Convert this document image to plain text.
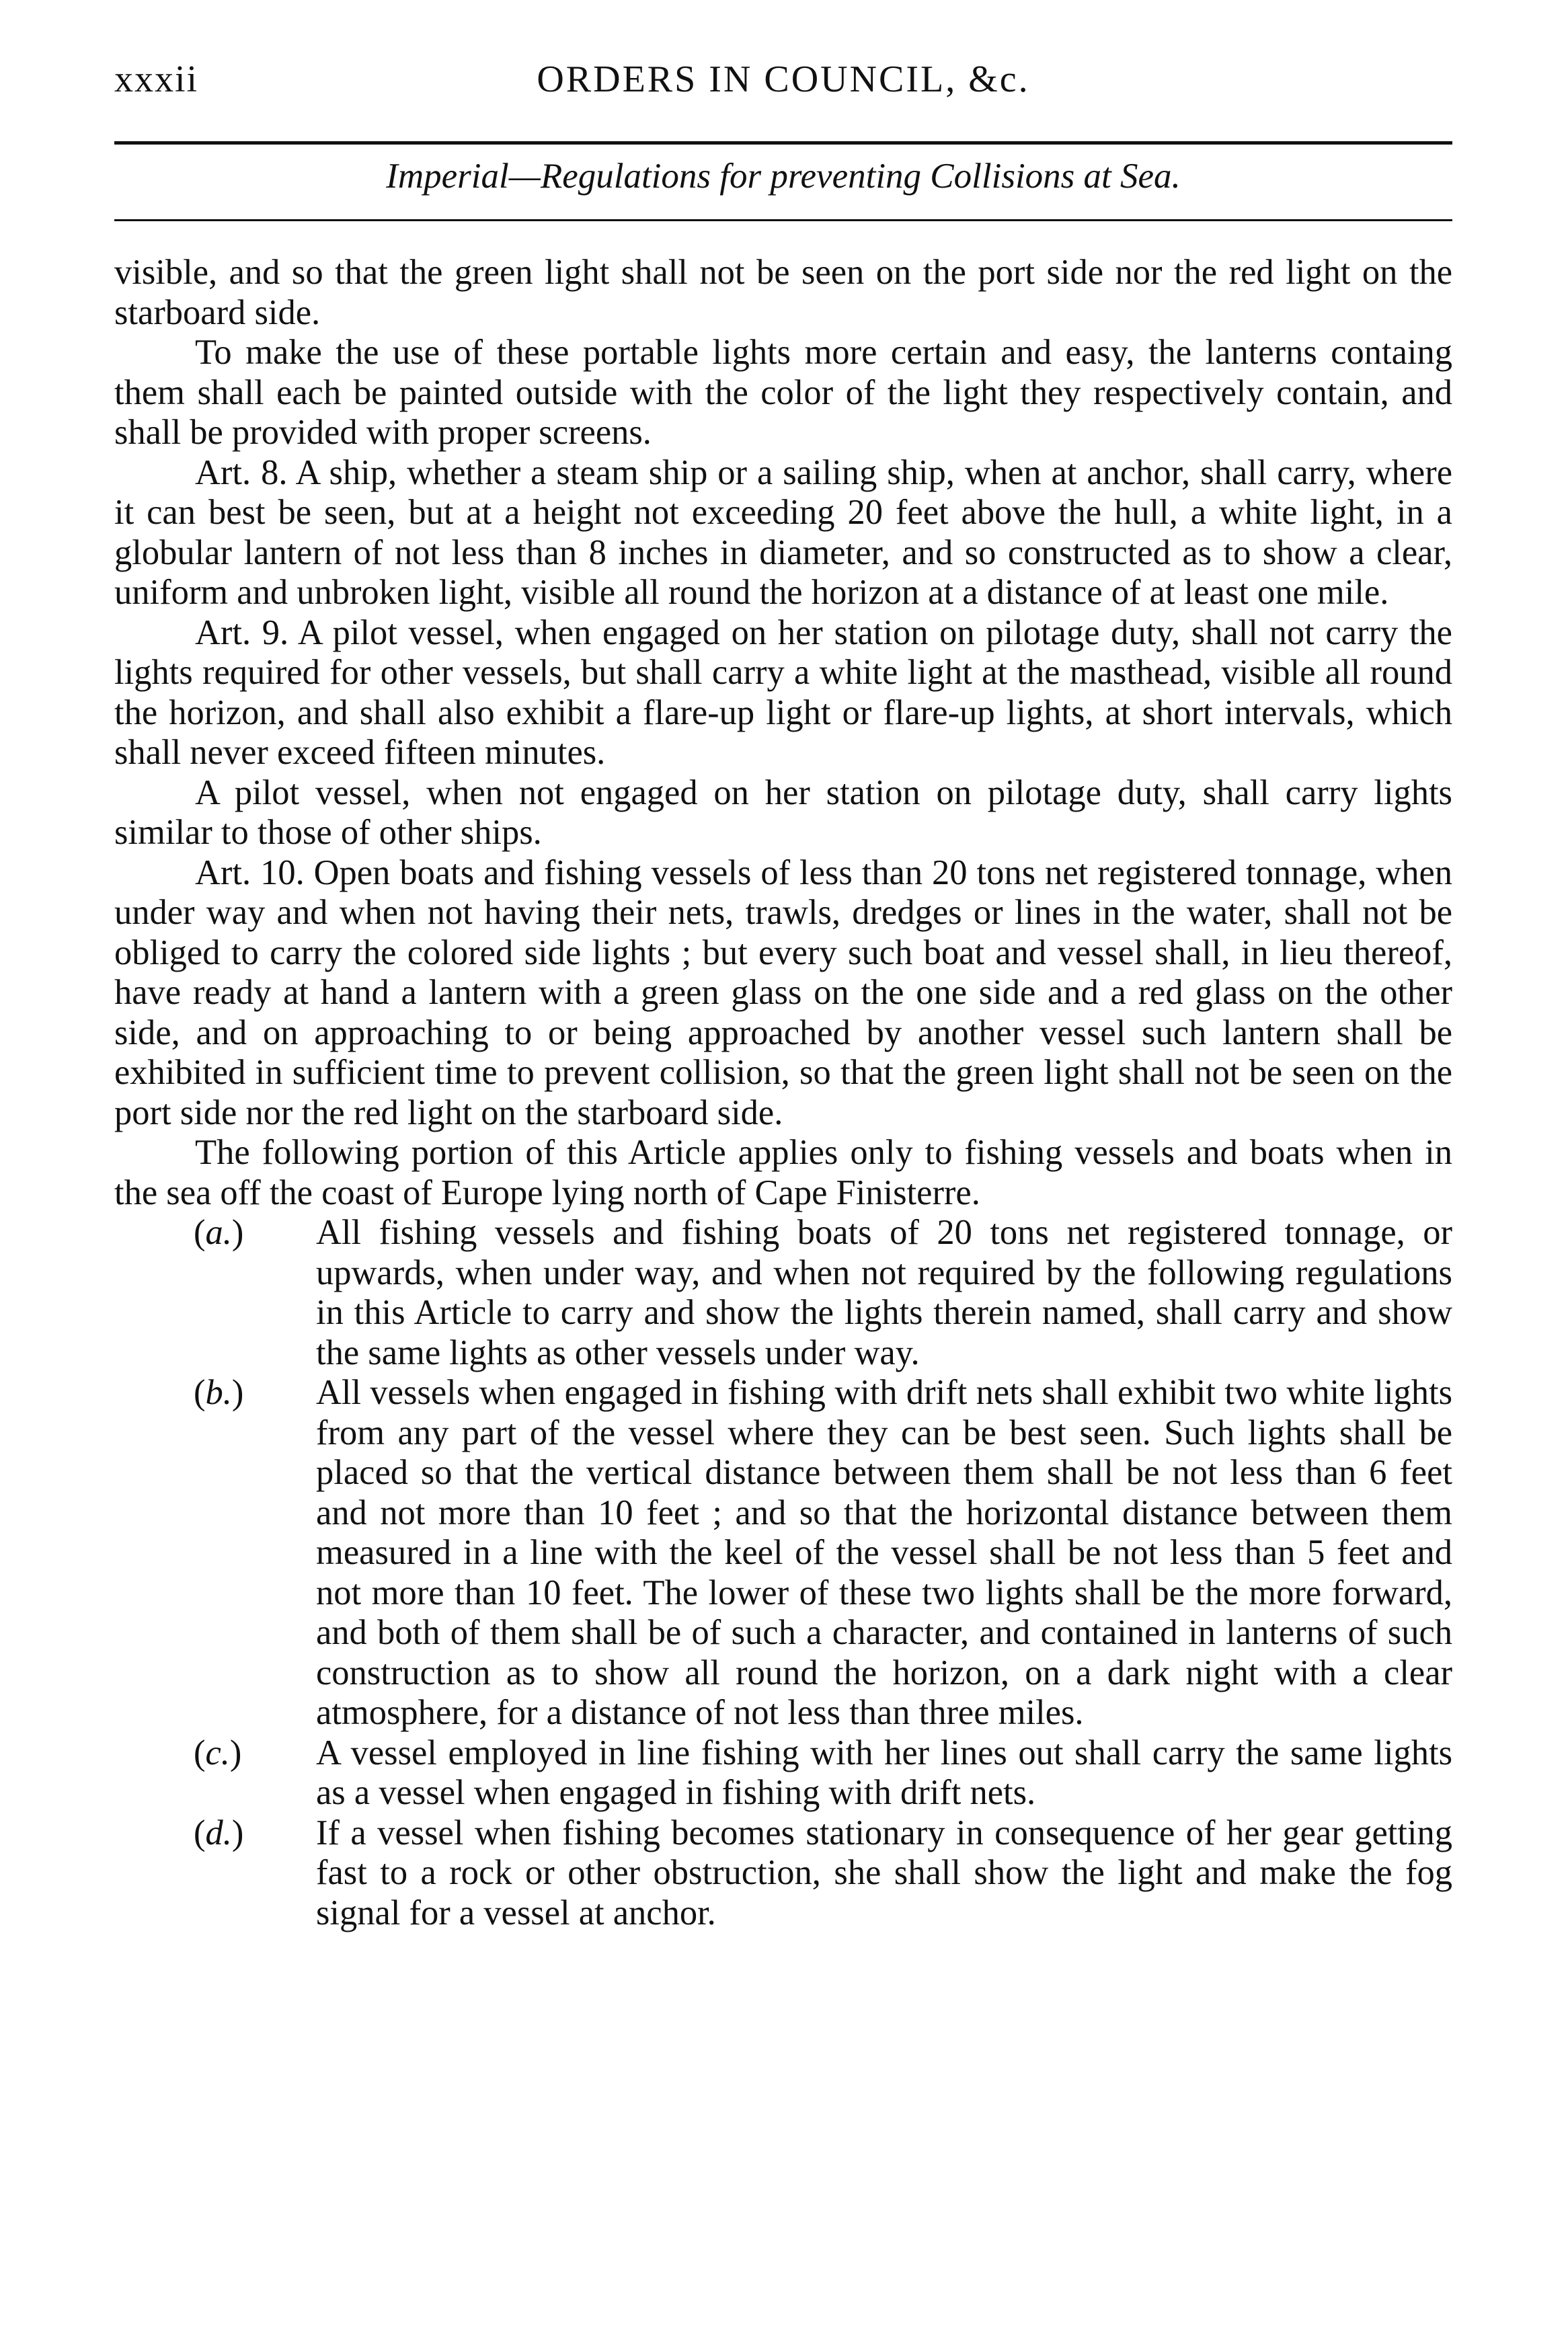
xxxii	ORDERS IN COUNCIL, &c.
Imperial—Regulations for preventing Collisions at Sea.

visible, and so that the green light shall not be seen on the port side nor the red light on the starboard side.

To make the use of these portable lights more certain and easy, the lanterns containg them shall each be painted outside with the color of the light they respectively contain, and shall be provided with proper screens.

Art. 8. A ship, whether a steam ship or a sailing ship, when at anchor, shall carry, where it can best be seen, but at a height not exceeding 20 feet above the hull, a white light, in a globular lantern of not less than 8 inches in diameter, and so constructed as to show a clear, uniform and unbroken light, visible all round the horizon at a distance of at least one mile.

Art. 9. A pilot vessel, when engaged on her station on pilotage duty, shall not carry the lights required for other vessels, but shall carry a white light at the masthead, visible all round the horizon, and shall also exhibit a flare-up light or flare-up lights, at short intervals, which shall never exceed fifteen minutes.

A pilot vessel, when not engaged on her station on pilotage duty, shall carry lights similar to those of other ships.

Art. 10. Open boats and fishing vessels of less than 20 tons net registered tonnage, when under way and when not having their nets, trawls, dredges or lines in the water, shall not be obliged to carry the colored side lights ; but every such boat and vessel shall, in lieu thereof, have ready at hand a lantern with a green glass on the one side and a red glass on the other side, and on approaching to or being approached by another vessel such lantern shall be exhibited in sufficient time to prevent collision, so that the green light shall not be seen on the port side nor the red light on the starboard side.

The following portion of this Article applies only to fishing vessels and boats when in the sea off the coast of Europe lying north of Cape Finisterre.

(a.) All fishing vessels and fishing boats of 20 tons net registered tonnage, or upwards, when under way, and when not required by the following regulations in this Article to carry and show the lights therein named, shall carry and show the same lights as other vessels under way.
(b.) All vessels when engaged in fishing with drift nets shall exhibit two white lights from any part of the vessel where they can be best seen. Such lights shall be placed so that the vertical distance between them shall be not less than 6 feet and not more than 10 feet ; and so that the horizontal distance between them measured in a line with the keel of the vessel shall be not less than 5 feet and not more than 10 feet. The lower of these two lights shall be the more forward, and both of them shall be of such a character, and contained in lanterns of such construction as to show all round the horizon, on a dark night with a clear atmosphere, for a distance of not less than three miles.
(c.) A vessel employed in line fishing with her lines out shall carry the same lights as a vessel when engaged in fishing with drift nets.
(d.) If a vessel when fishing becomes stationary in consequence of her gear getting fast to a rock or other obstruction, she shall show the light and make the fog signal for a vessel at anchor.
